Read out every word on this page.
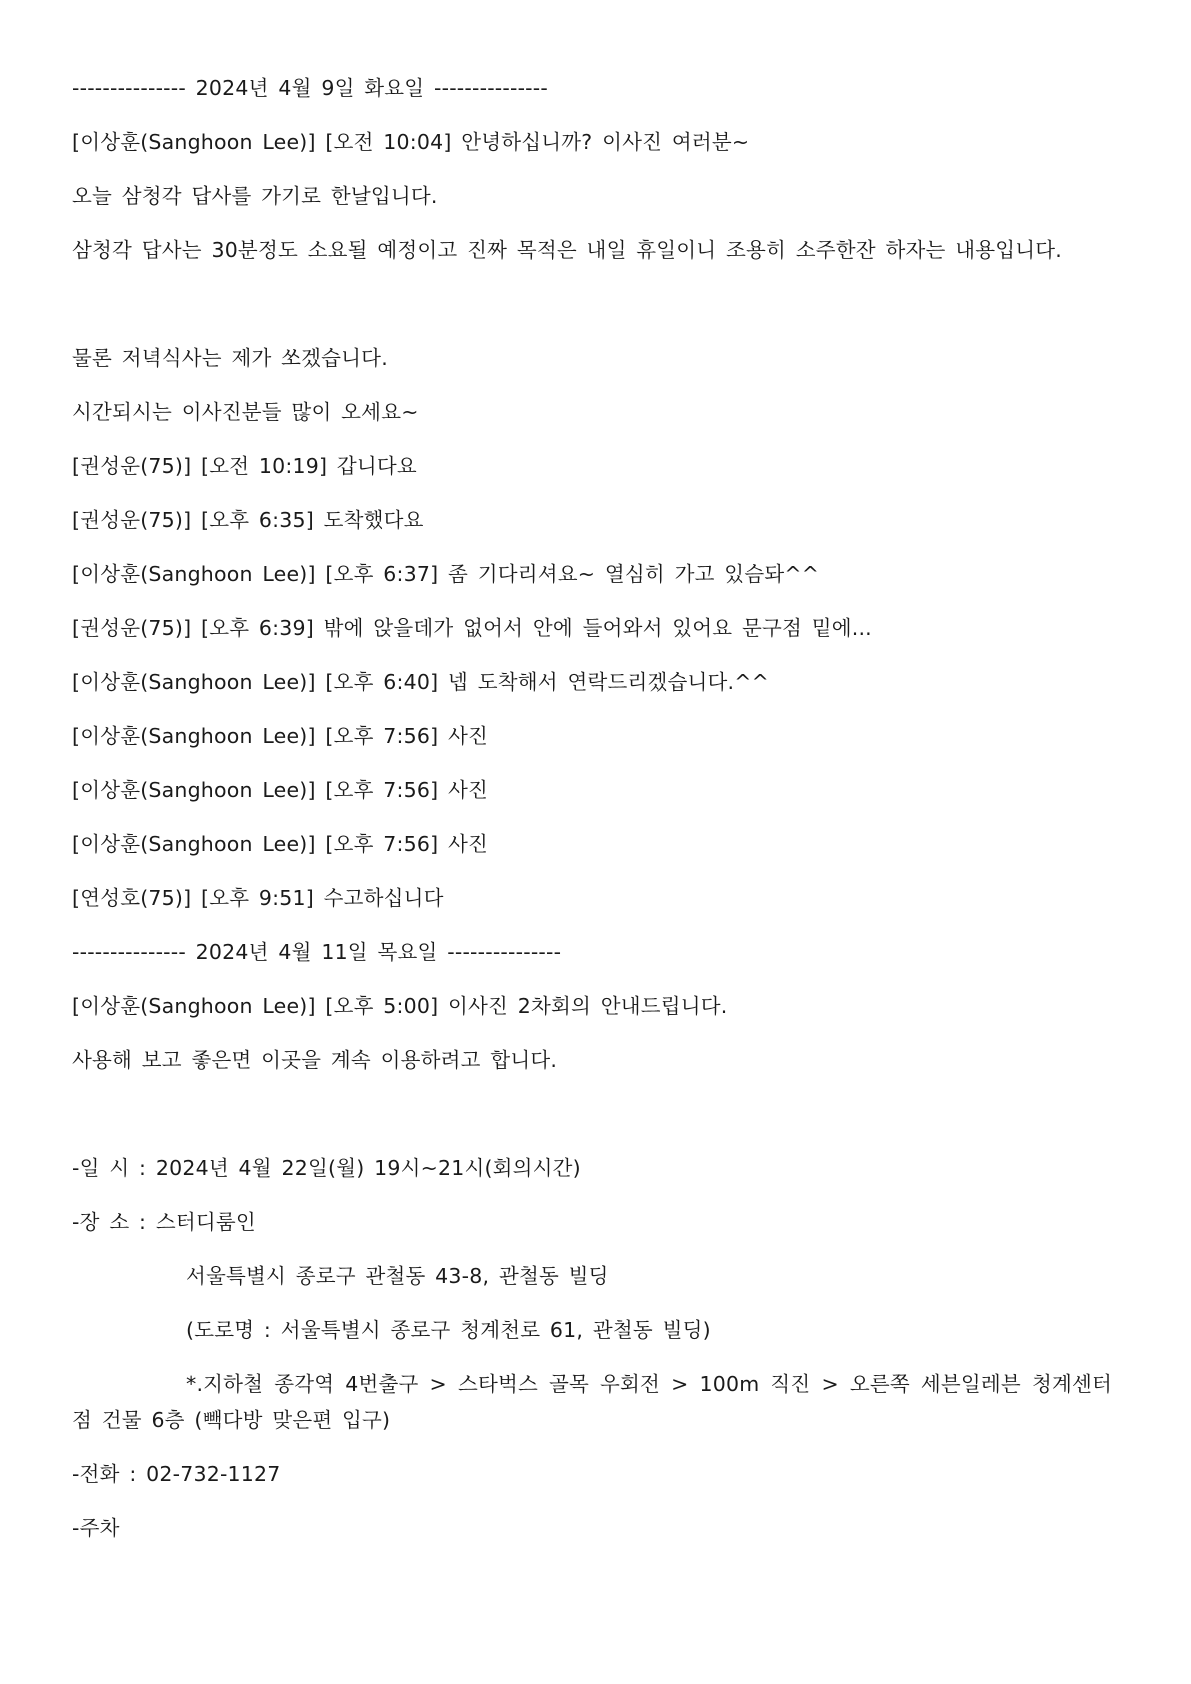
--------------- 2024년 4월 9일 화요일 ---------------
[이상훈(Sanghoon Lee)] [오전 10:04] 안녕하십니까? 이사진 여러분~
오늘 삼청각 답사를 가기로 한날입니다.
삼청각 답사는 30분정도 소요될 예정이고 진짜 목적은 내일 휴일이니 조용히 소주한잔 하자는 내용입니다.
물론 저녁식사는 제가 쏘겠습니다.
시간되시는 이사진분들 많이 오세요~
[권성운(75)] [오전 10:19] 갑니다요
[권성운(75)] [오후 6:35] 도착했다요
[이상훈(Sanghoon Lee)] [오후 6:37] 좀 기다리셔요~ 열심히 가고 있슴돠^^
[권성운(75)] [오후 6:39] 밖에 앉을데가 없어서 안에 들어와서 있어요 문구점 밑에...
[이상훈(Sanghoon Lee)] [오후 6:40] 넵 도착해서 연락드리겠습니다.^^
[이상훈(Sanghoon Lee)] [오후 7:56] 사진
[이상훈(Sanghoon Lee)] [오후 7:56] 사진
[이상훈(Sanghoon Lee)] [오후 7:56] 사진
[연성호(75)] [오후 9:51] 수고하십니다
--------------- 2024년 4월 11일 목요일 ---------------
[이상훈(Sanghoon Lee)] [오후 5:00] 이사진 2차회의 안내드립니다.
사용해 보고 좋은면 이곳을 계속 이용하려고 합니다.
-일 시 : 2024년 4월 22일(월) 19시~21시(회의시간)
-장 소 : 스터디룸인
서울특별시 종로구 관철동 43-8, 관철동 빌딩
(도로명 : 서울특별시 종로구 청계천로 61, 관철동 빌딩)
*.지하철 종각역 4번출구 > 스타벅스 골목 우회전 > 100m 직진 > 오른쪽 세븐일레븐 청계센터점 건물 6층 (빽다방 맞은편 입구)
-전화 : 02-732-1127
-주차
